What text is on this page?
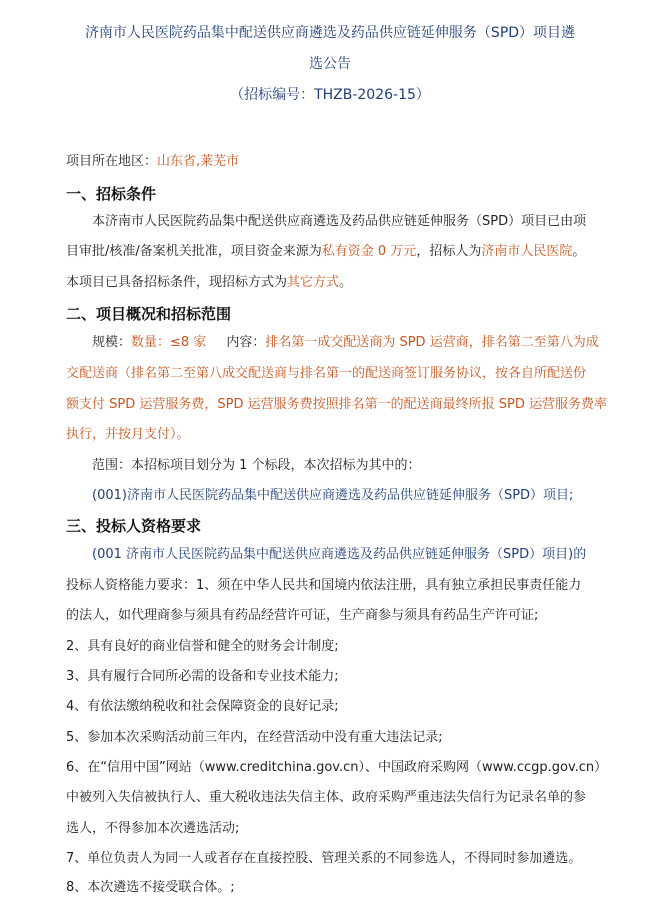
济南市人民医院药品集中配送供应商遴选及药品供应链延伸服务（SPD）项目遴
选公告
（招标编号：THZB-2026-15）
项目所在地区：山东省,莱芜市
一、招标条件
本济南市人民医院药品集中配送供应商遴选及药品供应链延伸服务（SPD）项目已由项
目审批/核准/备案机关批准，项目资金来源为私有资金 0 万元，招标人为济南市人民医院。
本项目已具备招标条件，现招标方式为其它方式。
二、项目概况和招标范围
规模：数量：≤8 家 内容：排名第一成交配送商为 SPD 运营商，排名第二至第八为成
交配送商（排名第二至第八成交配送商与排名第一的配送商签订服务协议，按各自所配送份
额支付 SPD 运营服务费，SPD 运营服务费按照排名第一的配送商最终所报 SPD 运营服务费率
执行，并按月支付）。
范围：本招标项目划分为 1 个标段，本次招标为其中的：
(001)济南市人民医院药品集中配送供应商遴选及药品供应链延伸服务（SPD）项目;
三、投标人资格要求
(001 济南市人民医院药品集中配送供应商遴选及药品供应链延伸服务（SPD）项目)的
投标人资格能力要求：1、须在中华人民共和国境内依法注册，具有独立承担民事责任能力
的法人，如代理商参与须具有药品经营许可证，生产商参与须具有药品生产许可证;
2、具有良好的商业信誉和健全的财务会计制度;
3、具有履行合同所必需的设备和专业技术能力;
4、有依法缴纳税收和社会保障资金的良好记录;
5、参加本次采购活动前三年内，在经营活动中没有重大违法记录;
6、在“信用中国”网站（www.creditchina.gov.cn）、中国政府采购网（www.ccgp.gov.cn）
中被列入失信被执行人、重大税收违法失信主体、政府采购严重违法失信行为记录名单的参
选人，不得参加本次遴选活动;
7、单位负责人为同一人或者存在直接控股、管理关系的不同参选人，不得同时参加遴选。
8、本次遴选不接受联合体。;
